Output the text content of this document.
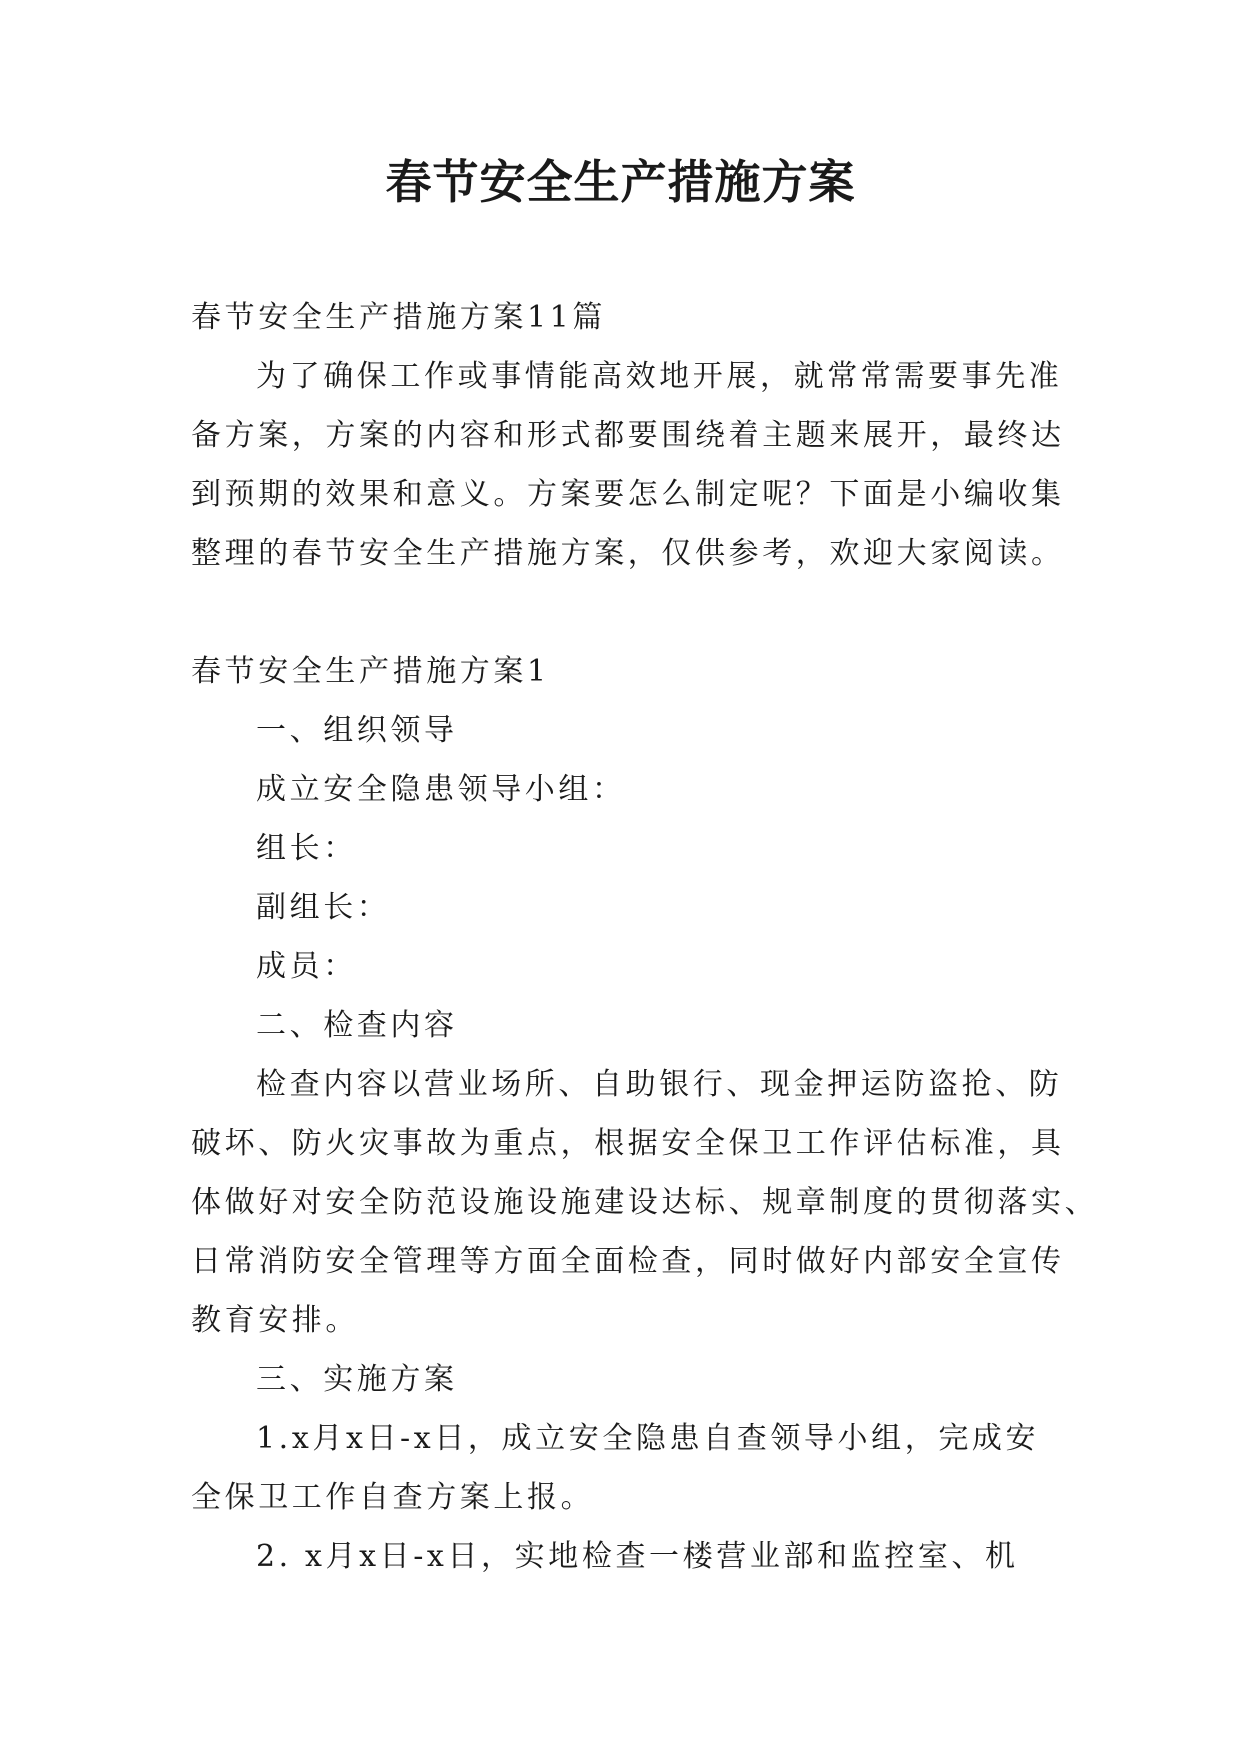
春节安全生产措施方案
春节安全生产措施方案11篇
为了确保工作或事情能高效地开展，就常常需要事先准
备方案，方案的内容和形式都要围绕着主题来展开，最终达
到预期的效果和意义。方案要怎么制定呢？下面是小编收集
整理的春节安全生产措施方案，仅供参考，欢迎大家阅读。
春节安全生产措施方案1
一、组织领导
成立安全隐患领导小组：
组长：
副组长：
成员：
二、检查内容
检查内容以营业场所、自助银行、现金押运防盗抢、防
破坏、防火灾事故为重点，根据安全保卫工作评估标准，具
体做好对安全防范设施设施建设达标、规章制度的贯彻落实、
日常消防安全管理等方面全面检查，同时做好内部安全宣传
教育安排。
三、实施方案
1.x月x日-x日，成立安全隐患自查领导小组，完成安
全保卫工作自查方案上报。
2. x月x日-x日，实地检查一楼营业部和监控室、机
